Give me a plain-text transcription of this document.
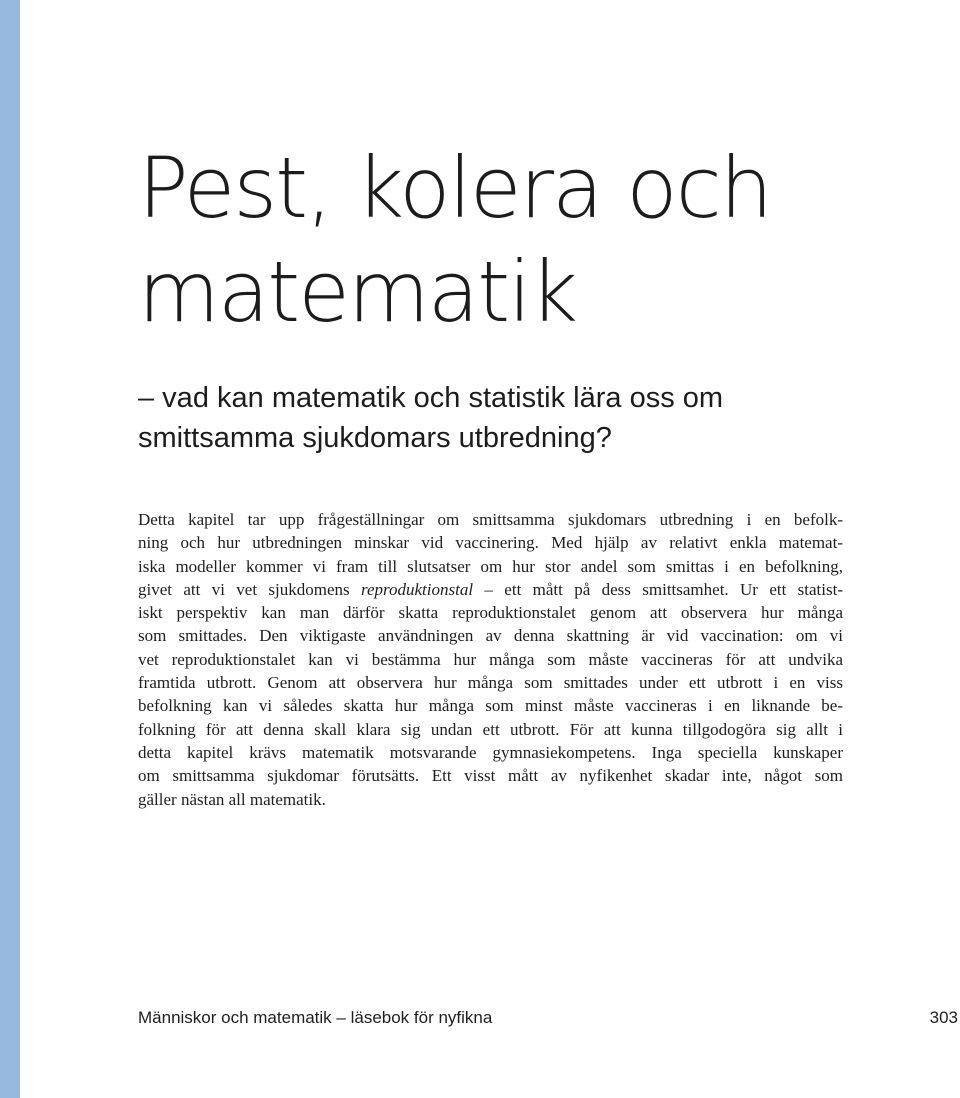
Pest, kolera och
matematik
– vad kan matematik och statistik lära oss om
smittsamma sjukdomars utbredning?
Detta kapitel tar upp frågeställningar om smittsamma sjukdomars utbredning i en befolk-
ning och hur utbredningen minskar vid vaccinering. Med hjälp av relativt enkla matemat-
iska modeller kommer vi fram till slutsatser om hur stor andel som smittas i en befolkning,
givet att vi vet sjukdomens reproduktionstal – ett mått på dess smittsamhet. Ur ett statist-
iskt perspektiv kan man därför skatta reproduktionstalet genom att observera hur många
som smittades. Den viktigaste användningen av denna skattning är vid vaccination: om vi
vet reproduktionstalet kan vi bestämma hur många som måste vaccineras för att undvika
framtida utbrott. Genom att observera hur många som smittades under ett utbrott i en viss
befolkning kan vi således skatta hur många som minst måste vaccineras i en liknande be-
folkning för att denna skall klara sig undan ett utbrott. För att kunna tillgodogöra sig allt i
detta kapitel krävs matematik motsvarande gymnasiekompetens. Inga speciella kunskaper
om smittsamma sjukdomar förutsätts. Ett visst mått av nyfikenhet skadar inte, något som
gäller nästan all matematik.

Människor och matematik – läsebok för nyfikna	303
